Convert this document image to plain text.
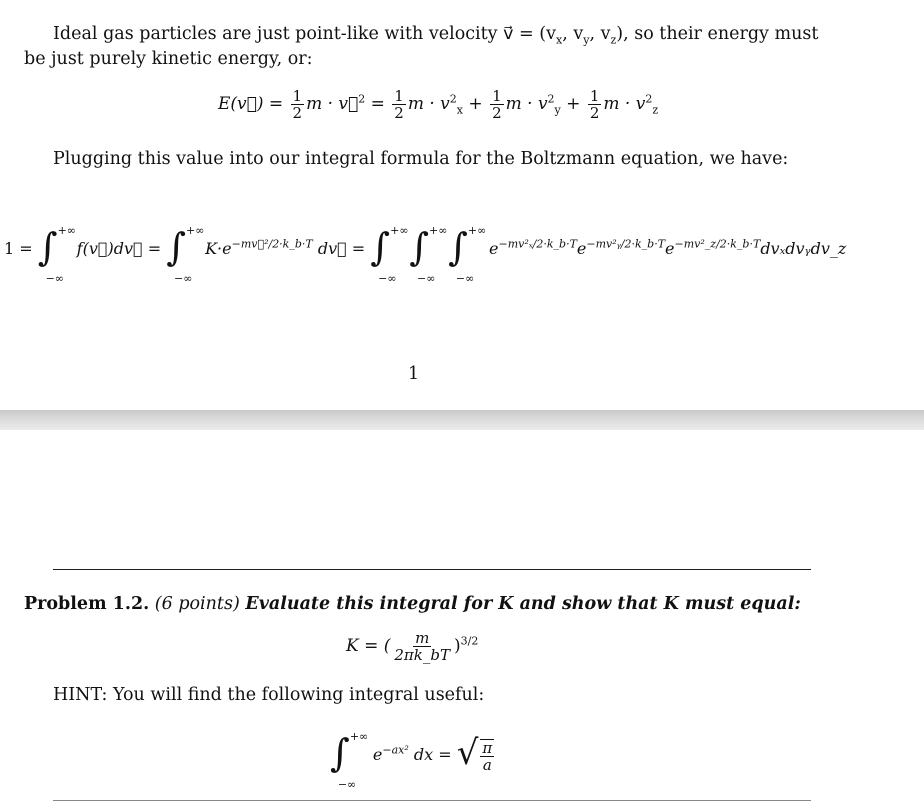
Ideal gas particles are just point-like with velocity v⃗ = ($v_x$, $v_y$, $v_z$), so their energy must
be just purely kinetic energy, or:
E(v⃗) = $\frac{1}{2}$ m · v⃗$^2$ = $\frac{1}{2}$ $m \cdot v^2_x + \frac{1}{2}$ $m \cdot v^2_y + \frac{1}{2}$ $m \cdot v^2_z$
Plugging this value into our integral formula for the Boltzmann equation, we have:
1 = ∫ +∞
−∞
f(v⃗)dv⃗ = ∫ +∞
−∞
$K\cdot e^{-mv⃗^2/2\cdot k\_b\cdot T}$ dv⃗ = ∫ +∞
−∞
∫ +∞
−∞
∫ +∞
−∞
$e^{-mv^2_x/2\cdot k\_b\cdot T}e^{-mv^2ᵧ/2\cdot k\_b\cdot T}e^{-mv^2\_z/2\cdot k\_b\cdot T}dv_xdvᵧdv\_z$
1
Problem 1.2. (6 points) Evaluate this integral for K and show that K must equal:
K = ( $\frac{m}{2\pi k\_bT} )^{3/2}$
HINT: You will find the following integral useful:
∫ +∞
−∞
$e^{-ax^2}$ dx = √ $\frac{\pi}{a}$
